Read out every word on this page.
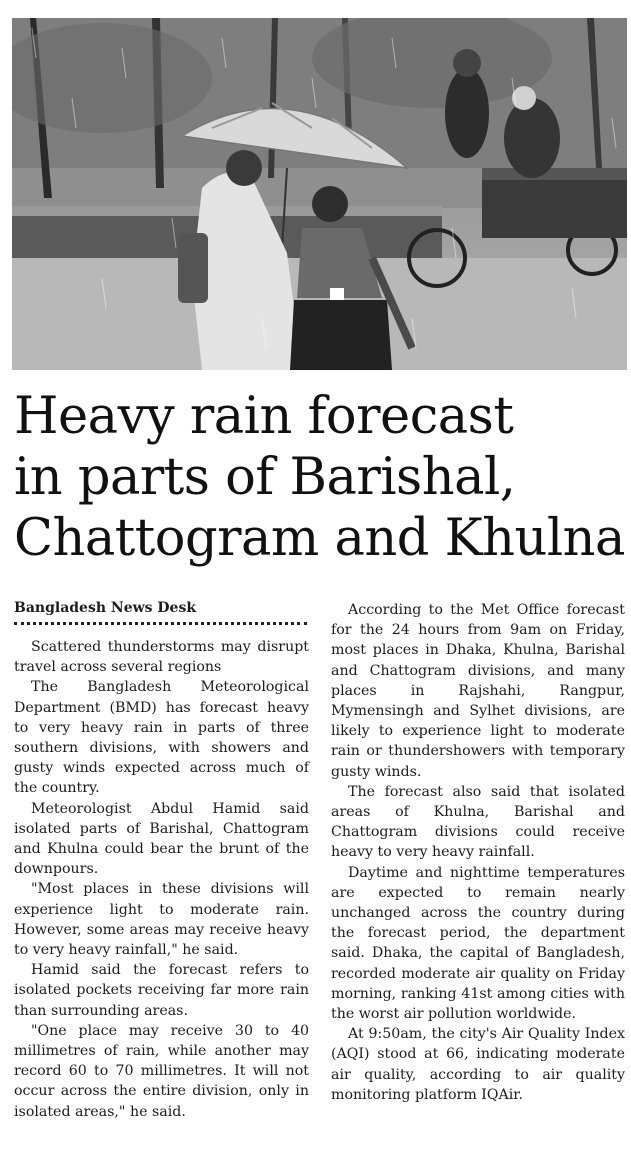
Heavy rain forecast
in parts of Barishal,
Chattogram and Khulna
Bangladesh News Desk

Scattered thunderstorms may disrupt travel across several regions

The Bangladesh Meteorological Department (BMD) has forecast heavy to very heavy rain in parts of three southern divisions, with showers and gusty winds expected across much of the country.

Meteorologist Abdul Hamid said isolated parts of Barishal, Chattogram and Khulna could bear the brunt of the downpours.

"Most places in these divisions will experience light to moderate rain. However, some areas may receive heavy to very heavy rainfall," he said.

Hamid said the forecast refers to isolated pockets receiving far more rain than surrounding areas.

"One place may receive 30 to 40 millimetres of rain, while another may record 60 to 70 millimetres. It will not occur across the entire division, only in isolated areas," he said.

According to the Met Office forecast for the 24 hours from 9am on Friday, most places in Dhaka, Khulna, Barishal and Chattogram divisions, and many places in Rajshahi, Rangpur, Mymensingh and Sylhet divisions, are likely to experience light to moderate rain or thundershowers with temporary gusty winds.

The forecast also said that isolated areas of Khulna, Barishal and Chattogram divisions could receive heavy to very heavy rainfall.

Daytime and nighttime temperatures are expected to remain nearly unchanged across the country during the forecast period, the department said. Dhaka, the capital of Bangladesh, recorded moderate air quality on Friday morning, ranking 41st among cities with the worst air pollution worldwide.

At 9:50am, the city's Air Quality Index (AQI) stood at 66, indicating moderate air quality, according to air quality monitoring platform IQAir.
